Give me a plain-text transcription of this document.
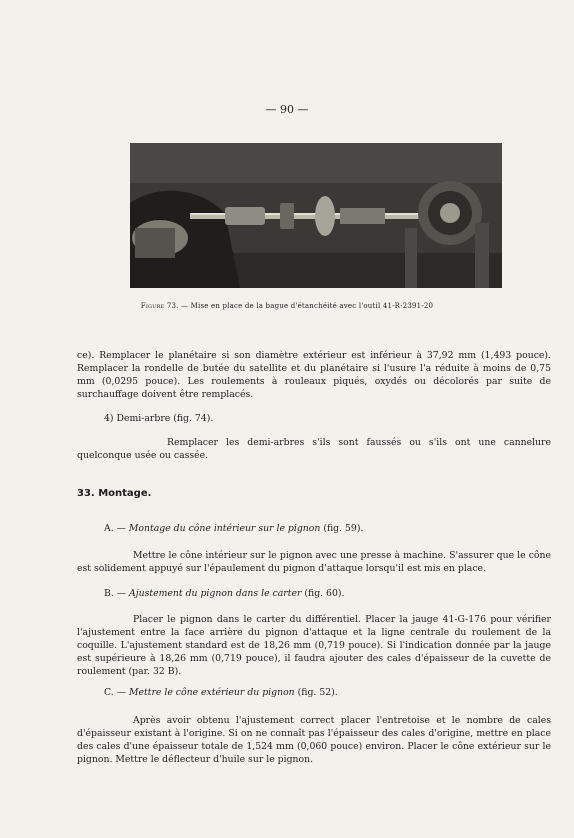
— 90 —
Figure 73. — Mise en place de la bague d'étanchéité avec l'outil 41-R-2391-20
ce). Remplacer le planétaire si son diamètre extérieur est inférieur à 37,92 mm (1,493 pouce). Remplacer la rondelle de butée du satellite et du planétaire si l'usure l'a réduite à moins de 0,75 mm (0,0295 pouce). Les roulements à rouleaux piqués, oxydés ou décolorés par suite de surchauffage doivent être remplacés.
4) Demi-arbre (fig. 74).
Remplacer les demi-arbres s'ils sont faussés ou s'ils ont une cannelure quelconque usée ou cassée.
33. Montage.
A. — Montage du cône intérieur sur le pignon (fig. 59).
Mettre le cône intérieur sur le pignon avec une presse à machine. S'assurer que le cône est solidement appuyé sur l'épaulement du pignon d'attaque lorsqu'il est mis en place.
B. — Ajustement du pignon dans le carter (fig. 60).
Placer le pignon dans le carter du différentiel. Placer la jauge 41-G-176 pour vérifier l'ajustement entre la face arrière du pignon d'attaque et la ligne centrale du roulement de la coquille. L'ajustement standard est de 18,26 mm (0,719 pouce). Si l'indication donnée par la jauge est supérieure à 18,26 mm (0,719 pouce), il faudra ajouter des cales d'épaisseur de la cuvette de roulement (par. 32 B).
C. — Mettre le cône extérieur du pignon (fig. 52).
Après avoir obtenu l'ajustement correct placer l'entretoise et le nombre de cales d'épaisseur existant à l'origine. Si on ne connaît pas l'épaisseur des cales d'origine, mettre en place des cales d'une épaisseur totale de 1,524 mm (0,060 pouce) environ. Placer le cône extérieur sur le pignon. Mettre le déflecteur d'huile sur le pignon.
